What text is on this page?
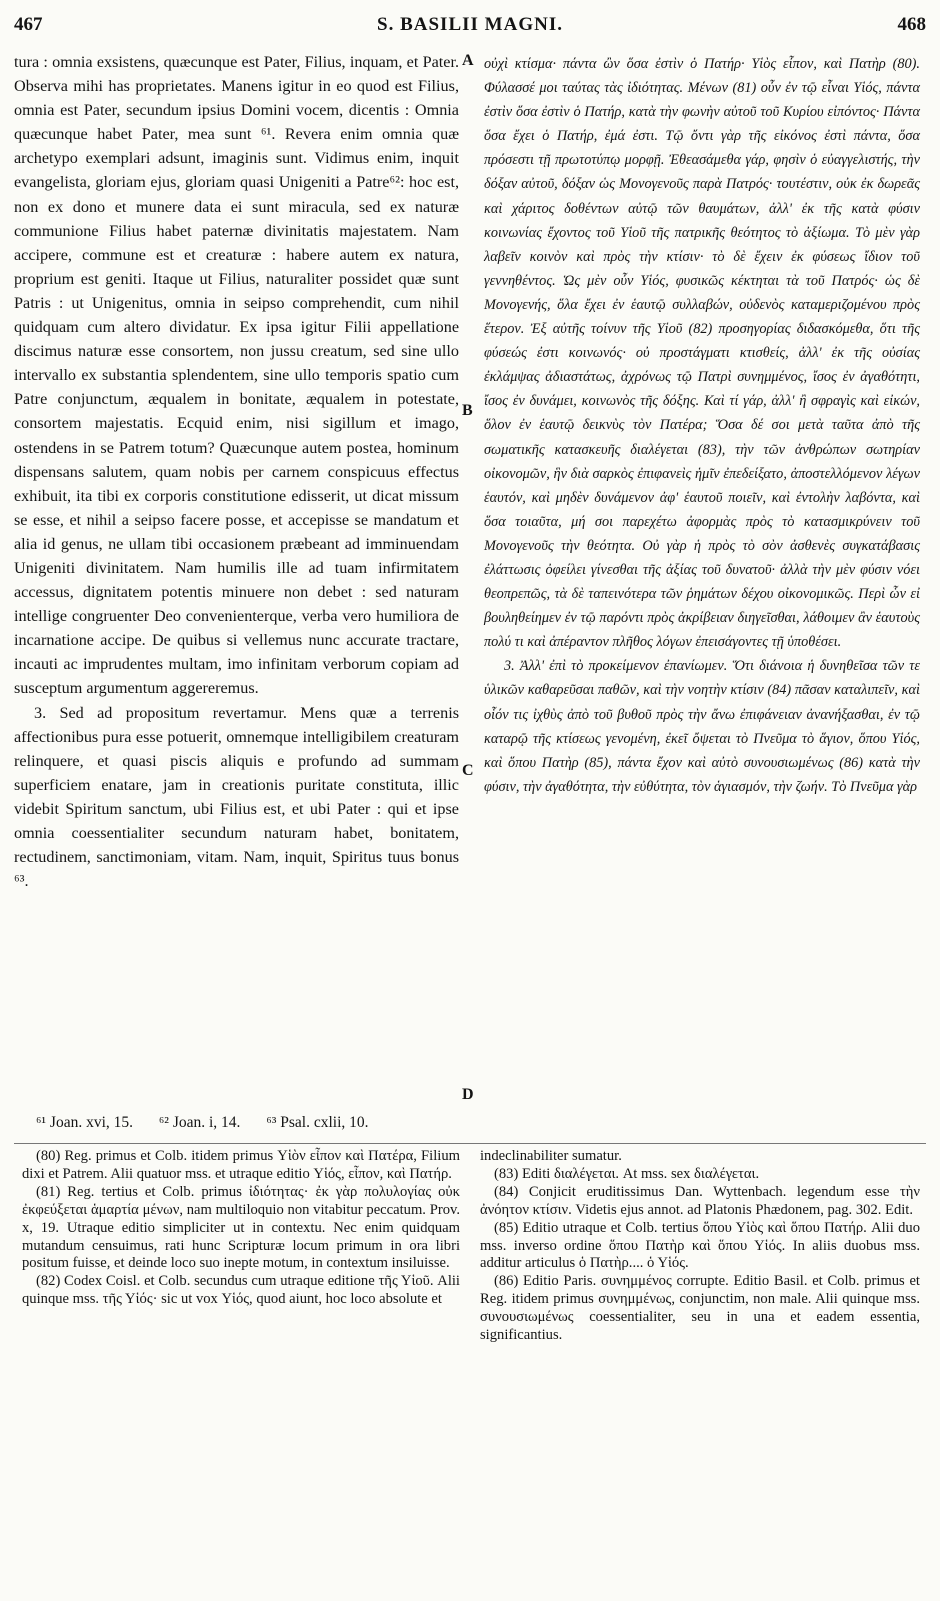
467	S. BASILII MAGNI.	468

tura : omnia exsistens, quæcunque est Pater, Filius, inquam, et Pater. Observa mihi has proprietates. Manens igitur in eo quod est Filius, omnia est Pater, secundum ipsius Domini vocem, dicentis : Omnia quæcunque habet Pater, mea sunt ⁶¹. Revera enim omnia quæ archetypo exemplari adsunt, imaginis sunt. Vidimus enim, inquit evangelista, gloriam ejus, gloriam quasi Unigeniti a Patre⁶²: hoc est, non ex dono et munere data ei sunt miracula, sed ex naturæ communione Filius habet paternæ divinitatis majestatem. Nam accipere, commune est et creaturæ : habere autem ex natura, proprium est geniti. Itaque ut Filius, naturaliter possidet quæ sunt Patris : ut Unigenitus, omnia in seipso comprehendit, cum nihil quidquam cum altero dividatur. Ex ipsa igitur Filii appellatione discimus naturæ esse consortem, non jussu creatum, sed sine ullo intervallo ex substantia splendentem, sine ullo temporis spatio cum Patre conjunctum, æqualem in bonitate, æqualem in potestate, consortem majestatis. Ecquid enim, nisi sigillum et imago, ostendens in se Patrem totum? Quæcunque autem postea, hominum dispensans salutem, quam nobis per carnem conspicuus effectus exhibuit, ita tibi ex corporis constitutione edisserit, ut dicat missum se esse, et nihil a seipso facere posse, et accepisse se mandatum et alia id genus, ne ullam tibi occasionem præbeant ad imminuendam Unigeniti divinitatem. Nam humilis ille ad tuam infirmitatem accessus, dignitatem potentis minuere non debet : sed naturam intellige congruenter Deo convenienterque, verba vero humiliora de incarnatione accipe. De quibus si vellemus nunc accurate tractare, incauti ac imprudentes multam, imo infinitam verborum copiam ad susceptum argumentum aggereremus.

3. Sed ad propositum revertamur. Mens quæ a terrenis affectionibus pura esse potuerit, omnemque intelligibilem creaturam relinquere, et quasi piscis aliquis e profundo ad summam superficiem enatare, jam in creationis puritate constituta, illic videbit Spiritum sanctum, ubi Filius est, et ubi Pater : qui et ipse omnia coessentialiter secundum naturam habet, bonitatem, rectudinem, sanctimoniam, vitam. Nam, inquit, Spiritus tuus bonus ⁶³.

A
B
C
D

οὐχὶ κτίσμα· πάντα ὢν ὅσα ἐστὶν ὁ Πατήρ· Υἱὸς εἶπον, καὶ Πατὴρ (80). Φύλασσέ μοι ταύτας τὰς ἰδιότητας. Μένων (81) οὖν ἐν τῷ εἶναι Υἱός, πάντα ἐστὶν ὅσα ἐστὶν ὁ Πατήρ, κατὰ τὴν φωνὴν αὐτοῦ τοῦ Κυρίου εἰπόντος· Πάντα ὅσα ἔχει ὁ Πατήρ, ἐμά ἐστι. Τῷ ὄντι γὰρ τῆς εἰκόνος ἐστὶ πάντα, ὅσα πρόσεστι τῇ πρωτοτύπῳ μορφῇ. Ἐθεασάμεθα γάρ, φησὶν ὁ εὐαγγελιστής, τὴν δόξαν αὐτοῦ, δόξαν ὡς Μονογενοῦς παρὰ Πατρός· τουτέστιν, οὐκ ἐκ δωρεᾶς καὶ χάριτος δοθέντων αὐτῷ τῶν θαυμάτων, ἀλλ' ἐκ τῆς κατὰ φύσιν κοινωνίας ἔχοντος τοῦ Υἱοῦ τῆς πατρικῆς θεότητος τὸ ἀξίωμα. Τὸ μὲν γὰρ λαβεῖν κοινὸν καὶ πρὸς τὴν κτίσιν· τὸ δὲ ἔχειν ἐκ φύσεως ἴδιον τοῦ γεννηθέντος. Ὡς μὲν οὖν Υἱός, φυσικῶς κέκτηται τὰ τοῦ Πατρός· ὡς δὲ Μονογενής, ὅλα ἔχει ἐν ἑαυτῷ συλλαβών, οὐδενὸς καταμεριζομένου πρὸς ἕτερον. Ἐξ αὐτῆς τοίνυν τῆς Υἱοῦ (82) προσηγορίας διδασκόμεθα, ὅτι τῆς φύσεώς ἐστι κοινωνός· οὐ προστάγματι κτισθείς, ἀλλ' ἐκ τῆς οὐσίας ἐκλάμψας ἀδιαστάτως, ἀχρόνως τῷ Πατρὶ συνημμένος, ἴσος ἐν ἀγαθότητι, ἴσος ἐν δυνάμει, κοινωνὸς τῆς δόξης. Καὶ τί γάρ, ἀλλ' ἢ σφραγὶς καὶ εἰκών, ὅλον ἐν ἑαυτῷ δεικνὺς τὸν Πατέρα; Ὅσα δέ σοι μετὰ ταῦτα ἀπὸ τῆς σωματικῆς κατασκευῆς διαλέγεται (83), τὴν τῶν ἀνθρώπων σωτηρίαν οἰκονομῶν, ἣν διὰ σαρκὸς ἐπιφανεὶς ἡμῖν ἐπεδείξατο, ἀποστελλόμενον λέγων ἑαυτόν, καὶ μηδὲν δυνάμενον ἀφ' ἑαυτοῦ ποιεῖν, καὶ ἐντολὴν λαβόντα, καὶ ὅσα τοιαῦτα, μή σοι παρεχέτω ἀφορμὰς πρὸς τὸ κατασμικρύνειν τοῦ Μονογενοῦς τὴν θεότητα. Οὐ γὰρ ἡ πρὸς τὸ σὸν ἀσθενὲς συγκατάβασις ἐλάττωσις ὀφείλει γίνεσθαι τῆς ἀξίας τοῦ δυνατοῦ· ἀλλὰ τὴν μὲν φύσιν νόει θεοπρεπῶς, τὰ δὲ ταπεινότερα τῶν ῥημάτων δέχου οἰκονομικῶς. Περὶ ὧν εἰ βουληθείημεν ἐν τῷ παρόντι πρὸς ἀκρίβειαν διηγεῖσθαι, λάθοιμεν ἂν ἑαυτοὺς πολύ τι καὶ ἀπέραντον πλῆθος λόγων ἐπεισάγοντες τῇ ὑποθέσει.

3. Ἀλλ' ἐπὶ τὸ προκείμενον ἐπανίωμεν. Ὅτι διάνοια ἡ δυνηθεῖσα τῶν τε ὑλικῶν καθαρεῦσαι παθῶν, καὶ τὴν νοητὴν κτίσιν (84) πᾶσαν καταλιπεῖν, καὶ οἷόν τις ἰχθὺς ἀπὸ τοῦ βυθοῦ πρὸς τὴν ἄνω ἐπιφάνειαν ἀνανήξασθαι, ἐν τῷ καταρῷ τῆς κτίσεως γενομένη, ἐκεῖ ὄψεται τὸ Πνεῦμα τὸ ἅγιον, ὅπου Υἱός, καὶ ὅπου Πατὴρ (85), πάντα ἔχον καὶ αὐτὸ συνουσιωμένως (86) κατὰ τὴν φύσιν, τὴν ἀγαθότητα, τὴν εὐθύτητα, τὸν ἁγιασμόν, τὴν ζωήν. Τὸ Πνεῦμα γὰρ

⁶¹ Joan. xvi, 15. ⁶² Joan. i, 14. ⁶³ Psal. cxlii, 10.

(80) Reg. primus et Colb. itidem primus Υἱὸν εἶπον καὶ Πατέρα, Filium dixi et Patrem. Alii quatuor mss. et utraque editio Υἱός, εἶπον, καὶ Πατήρ.

(81) Reg. tertius et Colb. primus ἰδιότητας· ἐκ γὰρ πολυλογίας οὐκ ἐκφεύξεται ἁμαρτία μένων, nam multiloquio non vitabitur peccatum. Prov. x, 19. Utraque editio simpliciter ut in contextu. Nec enim quidquam mutandum censuimus, rati hunc Scripturæ locum primum in ora libri positum fuisse, et deinde loco suo inepte motum, in contextum insiluisse.

(82) Codex Coisl. et Colb. secundus cum utraque editione τῆς Υἱοῦ. Alii quinque mss. τῆς Υἱός· sic ut vox Υἱός, quod aiunt, hoc loco absolute et

indeclinabiliter sumatur.

(83) Editi διαλέγεται. At mss. sex διαλέγεται.

(84) Conjicit eruditissimus Dan. Wyttenbach. legendum esse τὴν ἀνόητον κτίσιν. Videtis ejus annot. ad Platonis Phædonem, pag. 302. Edit.

(85) Editio utraque et Colb. tertius ὅπου Υἱὸς καὶ ὅπου Πατήρ. Alii duo mss. inverso ordine ὅπου Πατὴρ καὶ ὅπου Υἱός. In aliis duobus mss. additur articulus ὁ Πατὴρ.... ὁ Υἱός.

(86) Editio Paris. συνημμένος corrupte. Editio Basil. et Colb. primus et Reg. itidem primus συνημμένως, conjunctim, non male. Alii quinque mss. συνουσιωμένως coessentialiter, seu in una et eadem essentia, significantius.
